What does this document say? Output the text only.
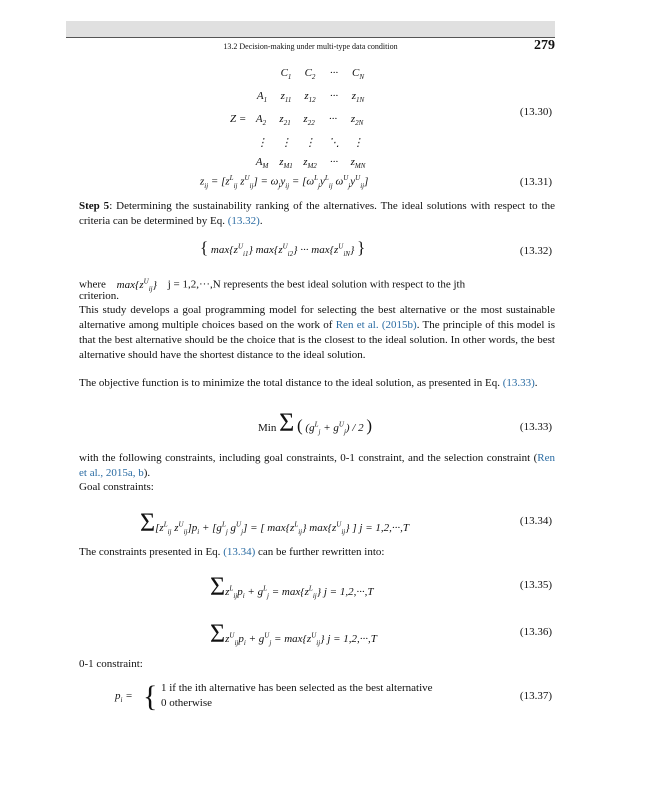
13.2 Decision-making under multi-type data condition	279
$C_1$ $C_2$ ··· $C_N$
$A_1$ $z_{11}$ $z_{12}$ ··· $z_{1N}$
$Z = A_2$ $z_{21}$ $z_{22}$ ··· $z_{2N}$
⋮ ⋮ ⋮ ⋱ ⋮
$A_M$ $z_{M1}$ $z_{M2}$ ··· $z_{MN}$
(13.30)
$z_{ij} = [z^L_{ij}$ $z^U_{ij}] = \omega_jy_{ij} = [\omega^L_jy^L_{ij}$ $\omega^U_jy^U_{ij}$]	(13.31)
Step 5: Determining the sustainability ranking of the alternatives. The ideal solutions with respect to the criteria can be determined by Eq. (13.32).
{ $\max\{z^U_{i1}\}$ $\max\{z^U_{i2}\}$ ··· $\max\{z^U_{iN}\}$ }	(13.32)
where $\max\{z^U_{ij}\} j = 1,2,\cdot\cdot\cdot,N$ represents the best ideal solution with respect to the jth
criterion.
This study develops a goal programming model for selecting the best alternative or the most sustainable alternative among multiple choices based on the work of Ren et al. (2015b). The principle of this model is that the best alternative should be the choice that is the closest to the ideal solution. In other words, the best alternative should have the shortest distance to the ideal solution.
The objective function is to minimize the total distance to the ideal solution, as presented in Eq. (13.33).
Min Σ ( $(g^L_j + g^U_j) / 2$ )	(13.33)
with the following constraints, including goal constraints, 0-1 constraint, and the selection constraint (Ren et al., 2015a, b).
Goal constraints:
$\Sigma[z^L_{ij}$ $z^U_{ij}]p_i + [g^L_j$ $g^U_j$] = [ $\max\{z^L_{ij}\}$ $\max\{z^U_{ij}\}$ ] j = 1,2,···,T
(13.34)
The constraints presented in Eq. (13.34) can be further rewritten into:
$\Sigma z^L_{ij}p_i + g^L_j = \max\{z^L_{ij}\} j = 1,2,\cdot\cdot\cdot,T$
(13.35)
$\Sigma z^U_{ij}p_i + g^U_j = \max\{z^U_{ij}\} j = 1,2,\cdot\cdot\cdot,T$
(13.36)
0-1 constraint:
$p_i$ = { 1 if the ith alternative has been selected as the best alternative
0 otherwise
(13.37)
